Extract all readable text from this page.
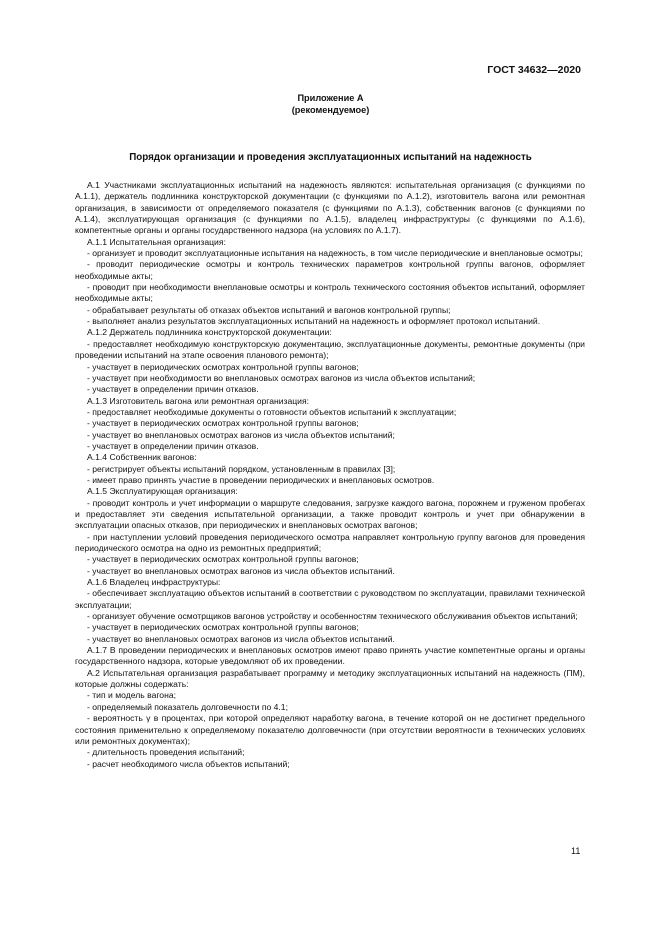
ГОСТ 34632—2020
Приложение А
(рекомендуемое)
Порядок организации и проведения эксплуатационных испытаний на надежность

А.1 Участниками эксплуатационных испытаний на надежность являются: испытательная организация (с функциями по А.1.1), держатель подлинника конструкторской документации (с функциями по А.1.2), изготовитель вагона или ремонтная организация, в зависимости от определяемого показателя (с функциями по А.1.3), собственник вагонов (с функциями по А.1.4), эксплуатирующая организация (с функциями по А.1.5), владелец инфраструктуры (с функциями по А.1.6), компетентные органы и органы государственного надзора (на условиях по А.1.7).

А.1.1 Испытательная организация:

- организует и проводит эксплуатационные испытания на надежность, в том числе периодические и внеплановые осмотры;

- проводит периодические осмотры и контроль технических параметров контрольной группы вагонов, оформляет необходимые акты;

- проводит при необходимости внеплановые осмотры и контроль технического состояния объектов испытаний, оформляет необходимые акты;

- обрабатывает результаты об отказах объектов испытаний и вагонов контрольной группы;

- выполняет анализ результатов эксплуатационных испытаний на надежность и оформляет протокол испытаний.

А.1.2 Держатель подлинника конструкторской документации:

- предоставляет необходимую конструкторскую документацию, эксплуатационные документы, ремонтные документы (при проведении испытаний на этапе освоения планового ремонта);

- участвует в периодических осмотрах контрольной группы вагонов;

- участвует при необходимости во внеплановых осмотрах вагонов из числа объектов испытаний;

- участвует в определении причин отказов.

А.1.3 Изготовитель вагона или ремонтная организация:

- предоставляет необходимые документы о готовности объектов испытаний к эксплуатации;

- участвует в периодических осмотрах контрольной группы вагонов;

- участвует во внеплановых осмотрах вагонов из числа объектов испытаний;

- участвует в определении причин отказов.

А.1.4 Собственник вагонов:

- регистрирует объекты испытаний порядком, установленным в правилах [3];

- имеет право принять участие в проведении периодических и внеплановых осмотров.

А.1.5 Эксплуатирующая организация:

- проводит контроль и учет информации о маршруте следования, загрузке каждого вагона, порожнем и груженом пробегах и предоставляет эти сведения испытательной организации, а также проводит контроль и учет при обнаружении в эксплуатации опасных отказов, при периодических и внеплановых осмотрах вагонов;

- при наступлении условий проведения периодического осмотра направляет контрольную группу вагонов для проведения периодического осмотра на одно из ремонтных предприятий;

- участвует в периодических осмотрах контрольной группы вагонов;

- участвует во внеплановых осмотрах вагонов из числа объектов испытаний.

А.1.6 Владелец инфраструктуры:

- обеспечивает эксплуатацию объектов испытаний в соответствии с руководством по эксплуатации, правилами технической эксплуатации;

- организует обучение осмотрщиков вагонов устройству и особенностям технического обслуживания объектов испытаний;

- участвует в периодических осмотрах контрольной группы вагонов;

- участвует во внеплановых осмотрах вагонов из числа объектов испытаний.

А.1.7 В проведении периодических и внеплановых осмотров имеют право принять участие компетентные органы и органы государственного надзора, которые уведомляют об их проведении.

А.2 Испытательная организация разрабатывает программу и методику эксплуатационных испытаний на надежность (ПМ), которые должны содержать:

- тип и модель вагона;

- определяемый показатель долговечности по 4.1;

- вероятность γ в процентах, при которой определяют наработку вагона, в течение которой он не достигнет предельного состояния применительно к определяемому показателю долговечности (при отсутствии вероятности в технических условиях или ремонтных документах);

- длительность проведения испытаний;

- расчет необходимого числа объектов испытаний;

11
